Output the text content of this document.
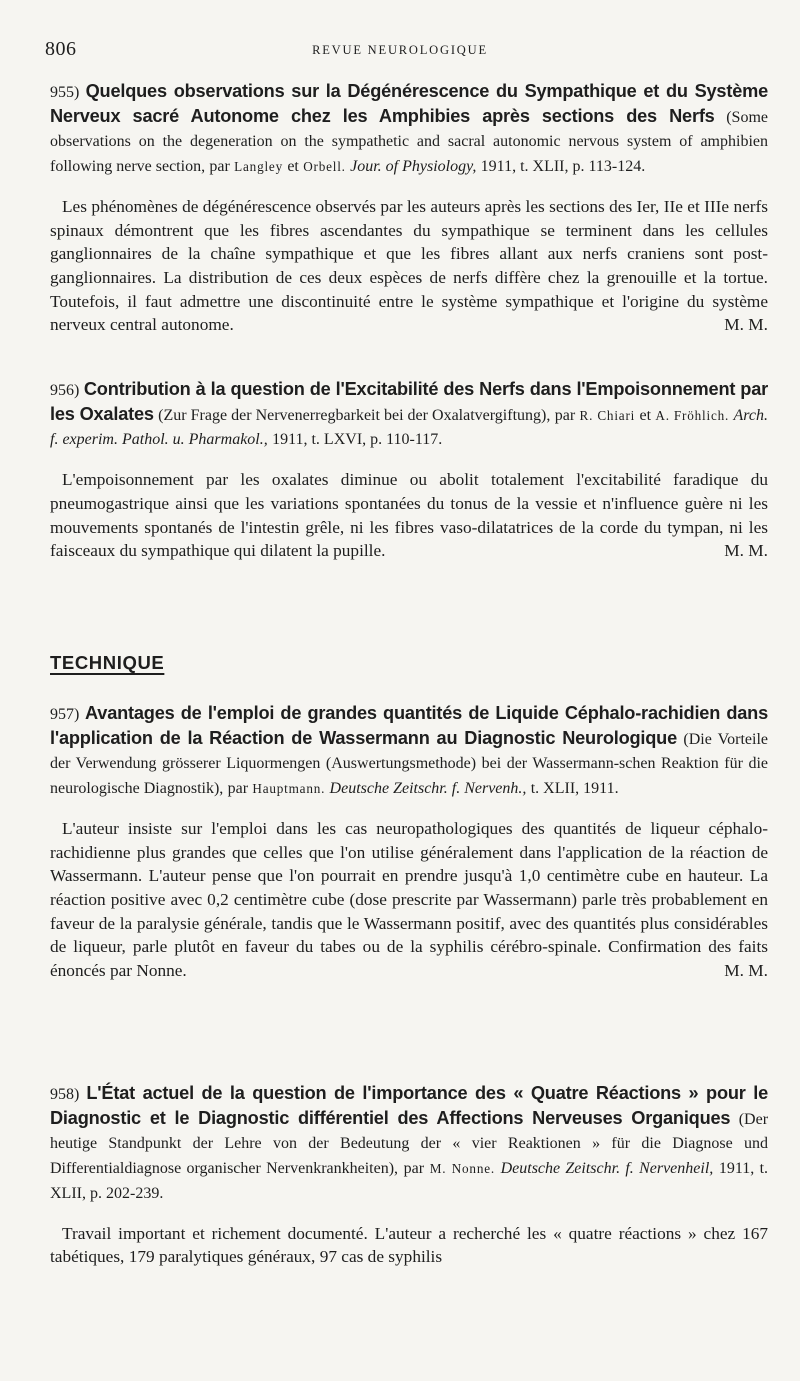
806	REVUE NEUROLOGIQUE

955) Quelques observations sur la Dégénérescence du Sympathique et du Système Nerveux sacré Autonome chez les Amphibies après sections des Nerfs (Some observations on the degeneration on the sympathetic and sacral autonomic nervous system of amphibien following nerve section, par Langley et Orbell. Jour. of Physiology, 1911, t. XLII, p. 113-124.

Les phénomènes de dégénérescence observés par les auteurs après les sections des Ier, IIe et IIIe nerfs spinaux démontrent que les fibres ascendantes du sympathique se terminent dans les cellules ganglionnaires de la chaîne sympathique et que les fibres allant aux nerfs craniens sont post-ganglionnaires. La distribution de ces deux espèces de nerfs diffère chez la grenouille et la tortue. Toutefois, il faut admettre une discontinuité entre le système sympathique et l'origine du système nerveux central autonome.	M. M.

956) Contribution à la question de l'Excitabilité des Nerfs dans l'Empoisonnement par les Oxalates (Zur Frage der Nervenerregbarkeit bei der Oxalatvergiftung), par R. Chiari et A. Fröhlich. Arch. f. experim. Pathol. u. Pharmakol., 1911, t. LXVI, p. 110-117.

L'empoisonnement par les oxalates diminue ou abolit totalement l'excitabilité faradique du pneumogastrique ainsi que les variations spontanées du tonus de la vessie et n'influence guère ni les mouvements spontanés de l'intestin grêle, ni les fibres vaso-dilatatrices de la corde du tympan, ni les faisceaux du sympathique qui dilatent la pupille.	M. M.

TECHNIQUE

957) Avantages de l'emploi de grandes quantités de Liquide Céphalo-rachidien dans l'application de la Réaction de Wassermann au Diagnostic Neurologique (Die Vorteile der Verwendung grösserer Liquormengen (Auswertungsmethode) bei der Wassermann-schen Reaktion für die neurologische Diagnostik), par Hauptmann. Deutsche Zeitschr. f. Nervenh., t. XLII, 1911.

L'auteur insiste sur l'emploi dans les cas neuropathologiques des quantités de liqueur céphalo-rachidienne plus grandes que celles que l'on utilise généralement dans l'application de la réaction de Wassermann. L'auteur pense que l'on pourrait en prendre jusqu'à 1,0 centimètre cube en hauteur. La réaction positive avec 0,2 centimètre cube (dose prescrite par Wassermann) parle très probablement en faveur de la paralysie générale, tandis que le Wassermann positif, avec des quantités plus considérables de liqueur, parle plutôt en faveur du tabes ou de la syphilis cérébro-spinale. Confirmation des faits énoncés par Nonne.	M. M.

958) L'État actuel de la question de l'importance des « Quatre Réactions » pour le Diagnostic et le Diagnostic différentiel des Affections Nerveuses Organiques (Der heutige Standpunkt der Lehre von der Bedeutung der « vier Reaktionen » für die Diagnose und Differentialdiagnose organischer Nervenkrankheiten), par M. Nonne. Deutsche Zeitschr. f. Nervenheil, 1911, t. XLII, p. 202-239.

Travail important et richement documenté. L'auteur a recherché les « quatre réactions » chez 167 tabétiques, 179 paralytiques généraux, 97 cas de syphilis
